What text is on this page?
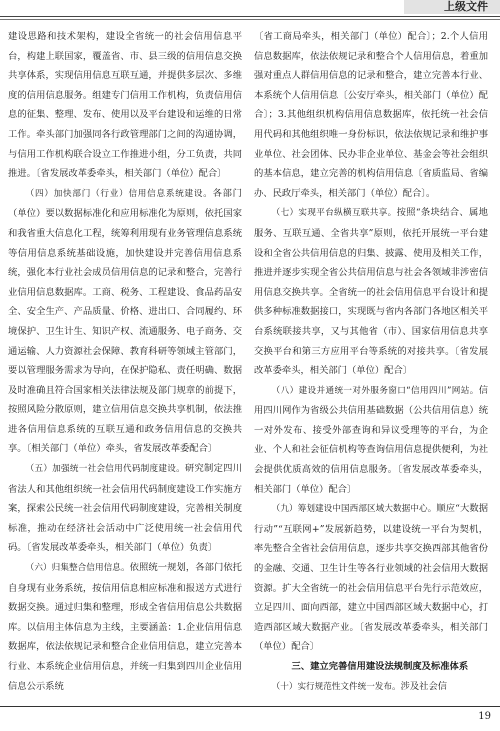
上级文件

建设思路和技术架构，建设全省统一的社会信用信息平台，构建上联国家，覆盖省、市、县三级的信用信息交换共享体系，实现信用信息互联互通，并提供多层次、多维度的信用信息服务。组建专门信用工作机构，负责信用信息的征集、整理、发布、使用以及平台建设和运维的日常工作。牵头部门加强同各行政管理部门之间的沟通协调，与信用工作机构联合设立工作推进小组，分工负责，共同推进。〔省发展改革委牵头，相关部门（单位）配合〕

（四）加快部门（行业）信用信息系统建设。各部门（单位）要以数据标准化和应用标准化为原则，依托国家和我省重大信息化工程，统筹利用现有业务管理信息系统等信用信息系统基础设施，加快建设并完善信用信息系统，强化本行业社会成员信用信息的记录和整合，完善行业信用信息数据库。工商、税务、工程建设、食品药品安全、安全生产、产品质量、价格、进出口、合同履约、环境保护、卫生计生、知识产权、流通服务、电子商务、交通运输、人力资源社会保障、教育科研等领域主管部门，要以管理服务需求为导向，在保护隐私、责任明确、数据及时准确且符合国家相关法律法规及部门规章的前提下，按照风险分散原则，建立信用信息交换共享机制，依法推进各信用信息系统的互联互通和政务信用信息的交换共享。〔相关部门（单位）牵头，省发展改革委配合〕

（五）加强统一社会信用代码制度建设。研究制定四川省法人和其他组织统一社会信用代码制度建设工作实施方案，探索公民统一社会信用代码制度建设，完善相关制度标准，推动在经济社会活动中广泛使用统一社会信用代码。〔省发展改革委牵头，相关部门（单位）负责〕

（六）归集整合信用信息。依照统一规划，各部门依托自身现有业务系统，按信用信息相应标准和报送方式进行数据交换。通过归集和整理，形成全省信用信息公共数据库。以信用主体信息为主线，主要涵盖：1.企业信用信息数据库，依法依规记录和整合企业信用信息，建立完善本行业、本系统企业信用信息，并统一归集到四川企业信用信息公示系统

〔省工商局牵头，相关部门（单位）配合〕；2.个人信用信息数据库，依法依规记录和整合个人信用信息，着重加强对重点人群信用信息的记录和整合，建立完善本行业、本系统个人信用信息〔公安厅牵头，相关部门（单位）配合〕；3.其他组织机构信用信息数据库，依托统一社会信用代码和其他组织唯一身份标识，依法依规记录和维护事业单位、社会团体、民办非企业单位、基金会等社会组织的基本信息，建立完善的机构信用信息〔省质监局、省编办、民政厅牵头，相关部门（单位）配合〕。

（七）实现平台纵横互联共享。按照“条块结合、属地服务、互联互通、全省共享”原则，依托开展统一平台建设和全省公共信用信息的归集、披露、使用及相关工作，推进并逐步实现全省公共信用信息与社会各领域非涉密信用信息交换共享。全省统一的社会信用信息平台设计和提供多种标准数据接口，实现既与省内各部门各地区相关平台系统联接共享，又与其他省（市）、国家信用信息共享交换平台和第三方应用平台等系统的对接共享。〔省发展改革委牵头，相关部门（单位）配合〕

（八）建设并通统一对外服务窗口“信用四川”网站。信用四川网作为省级公共信用基础数据（公共信用信息）统一对外发布、接受外部查询和异议受理等的平台，为企业、个人和社会征信机构等查询信用信息提供便利，为社会提供优质高效的信用信息服务。〔省发展改革委牵头，相关部门（单位）配合〕

（九）筹划建设中国西部区域大数据中心。顺应“大数据行动”“互联网+”发展新趋势，以建设统一平台为契机，率先整合全省社会信用信息，逐步共享交换西部其他省份的金融、交通、卫生计生等各行业领域的社会信用大数据资源。扩大全省统一的社会信用信息平台先行示范效应，立足四川、面向西部，建立中国西部区域大数据中心，打造西部区域大数据产业。〔省发展改革委牵头，相关部门（单位）配合〕

三、建立完善信用建设法规制度及标准体系

（十）实行规范性文件统一发布。涉及社会信

19
